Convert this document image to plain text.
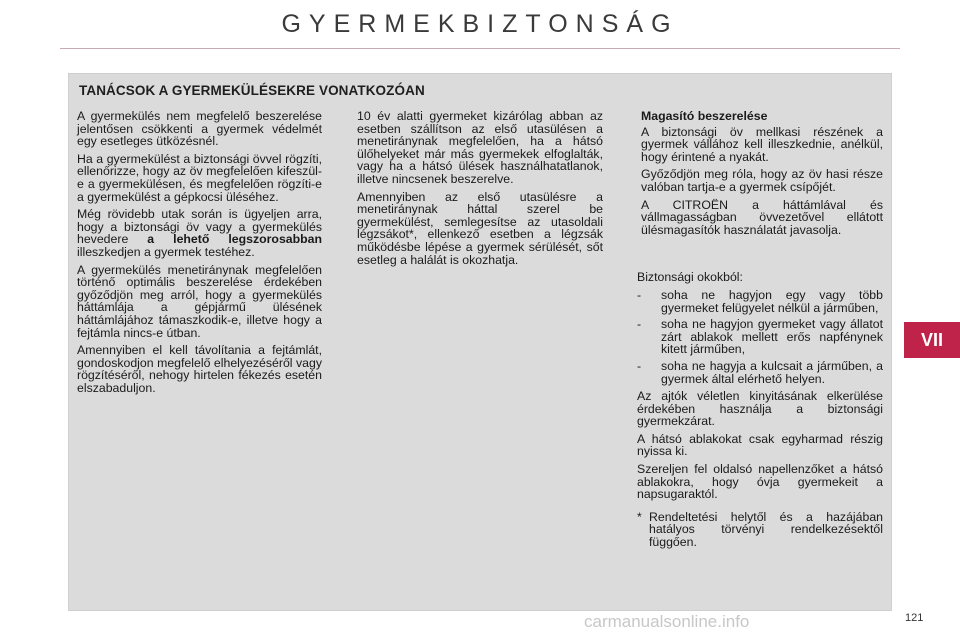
GYERMEKBIZTONSÁG
VII
TANÁCSOK A GYERMEKÜLÉSEKRE VONATKOZÓAN

A gyermekülés nem megfelelő beszerelése jelentősen csökkenti a gyermek védelmét egy esetleges ütközésnél.

Ha a gyermekülést a biztonsági övvel rögzíti, ellenőrizze, hogy az öv megfelelően kifeszül-e a gyermekülésen, és megfelelően rögzíti-e a gyermekülést a gépkocsi üléséhez.

Még rövidebb utak során is ügyeljen arra, hogy a biztonsági öv vagy a gyermekülés hevedere a lehető legszorosabban illeszkedjen a gyermek testéhez.

A gyermekülés menetiránynak megfelelően történő optimális beszerelése érdekében győződjön meg arról, hogy a gyermekülés háttámlája a gépjármű ülésének háttámlájához támaszkodik-e, illetve hogy a fejtámla nincs-e útban.

Amennyiben el kell távolítania a fejtámlát, gondoskodjon megfelelő elhelyezéséről vagy rögzítéséről, nehogy hirtelen fékezés esetén elszabaduljon.

10 év alatti gyermeket kizárólag abban az esetben szállítson az első utasülésen a menetiránynak megfelelően, ha a hátsó ülőhelyeket már más gyermekek elfoglalták, vagy ha a hátsó ülések használhatatlanok, illetve nincsenek beszerelve.

Amennyiben az első utasülésre a menetiránynak háttal szerel be gyermekülést, semlegesítse az utasoldali légzsákot*, ellenkező esetben a légzsák működésbe lépése a gyermek sérülését, sőt esetleg a halálát is okozhatja.

Magasító beszerelése

A biztonsági öv mellkasi részének a gyermek vállához kell illeszkednie, anélkül, hogy érintené a nyakát.

Győződjön meg róla, hogy az öv hasi része valóban tartja-e a gyermek csípőjét.

A CITROËN a háttámlával és vállmagasságban övvezetővel ellátott ülésmagasítók használatát javasolja.

Biztonsági okokból:

-	soha ne hagyjon egy vagy több gyermeket felügyelet nélkül a járműben,
-	soha ne hagyjon gyermeket vagy állatot zárt ablakok mellett erős napfénynek kitett járműben,
-	soha ne hagyja a kulcsait a járműben, a gyermek által elérhető helyen.

Az ajtók véletlen kinyitásának elkerülése érdekében használja a biztonsági gyermekzárat.

A hátsó ablakokat csak egyharmad részig nyissa ki.

Szereljen fel oldalsó napellenzőket a hátsó ablakokra, hogy óvja gyermekeit a napsugaraktól.

* Rendeltetési helytől és a hazájában hatályos törvényi rendelkezésektől függően.
carmanualsonline.info	121
